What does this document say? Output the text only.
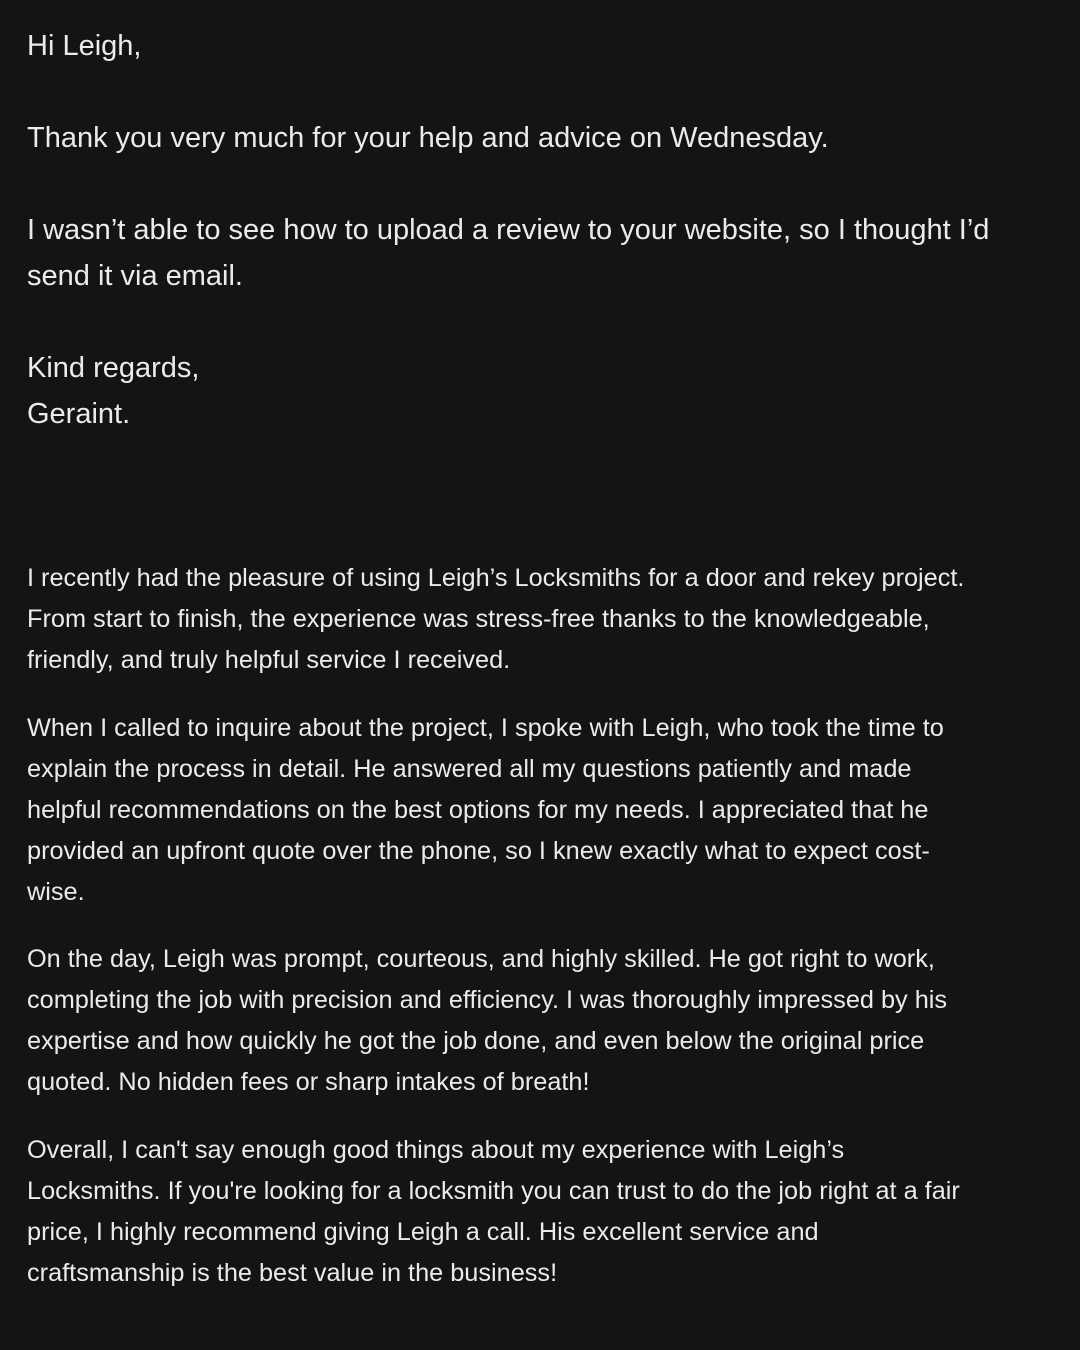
Hi Leigh,
Thank you very much for your help and advice on Wednesday.
I wasn’t able to see how to upload a review to your website, so I thought I’d
send it via email.
Kind regards,
Geraint.
I recently had the pleasure of using Leigh’s Locksmiths for a door and rekey project.
From start to finish, the experience was stress-free thanks to the knowledgeable,
friendly, and truly helpful service I received.
When I called to inquire about the project, I spoke with Leigh, who took the time to
explain the process in detail. He answered all my questions patiently and made
helpful recommendations on the best options for my needs. I appreciated that he
provided an upfront quote over the phone, so I knew exactly what to expect cost-
wise.
On the day, Leigh was prompt, courteous, and highly skilled. He got right to work,
completing the job with precision and efficiency. I was thoroughly impressed by his
expertise and how quickly he got the job done, and even below the original price
quoted. No hidden fees or sharp intakes of breath!
Overall, I can't say enough good things about my experience with Leigh’s
Locksmiths. If you're looking for a locksmith you can trust to do the job right at a fair
price, I highly recommend giving Leigh a call. His excellent service and
craftsmanship is the best value in the business!
